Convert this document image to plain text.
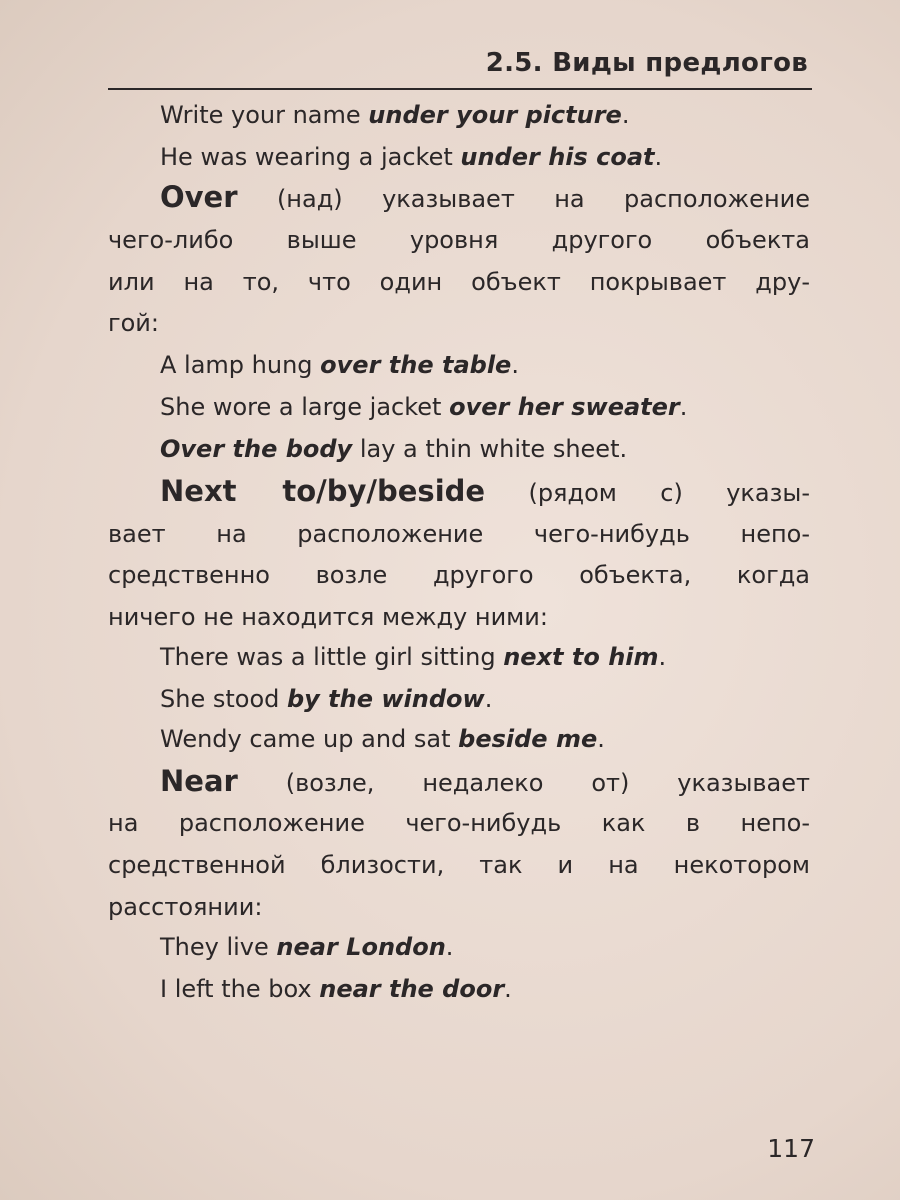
2.5. Виды предлогов
Write your name under your picture.
He was wearing a jacket under his coat.
Over (над) указывает на расположение
чего-либо выше уровня другого объекта
или на то, что один объект покрывает дру-
гой:
A lamp hung over the table.
She wore a large jacket over her sweater.
Over the body lay a thin white sheet.
Next to/by/beside (рядом с) указы-
вает на расположение чего-нибудь непо-
средственно возле другого объекта, когда
ничего не находится между ними:
There was a little girl sitting next to him.
She stood by the window.
Wendy came up and sat beside me.
Near (возле, недалеко от) указывает
на расположение чего-нибудь как в непо-
средственной близости, так и на некотором
расстоянии:
They live near London.
I left the box near the door.
117
